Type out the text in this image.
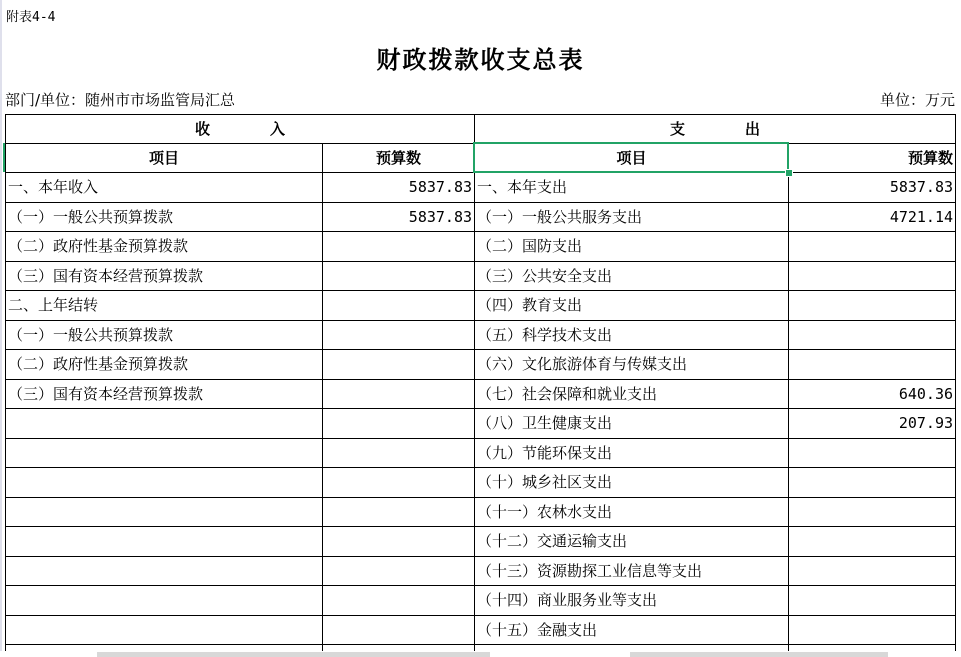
附表4-4
财政拨款收支总表
部门/单位：随州市市场监管局汇总	单位：万元
收　　　　入		支　　　　出	
项目	预算数	项目	预算数
一、本年收入	5837.83	一、本年支出	5837.83
（一）一般公共预算拨款	5837.83	（一）一般公共服务支出	4721.14
（二）政府性基金预算拨款		（二）国防支出	
（三）国有资本经营预算拨款		（三）公共安全支出	
二、上年结转		（四）教育支出	
（一）一般公共预算拨款		（五）科学技术支出	
（二）政府性基金预算拨款		（六）文化旅游体育与传媒支出	
（三）国有资本经营预算拨款		（七）社会保障和就业支出	640.36
		（八）卫生健康支出	207.93
		（九）节能环保支出	
		（十）城乡社区支出	
		（十一）农林水支出	
		（十二）交通运输支出	
		（十三）资源勘探工业信息等支出	
		（十四）商业服务业等支出	
		（十五）金融支出	
